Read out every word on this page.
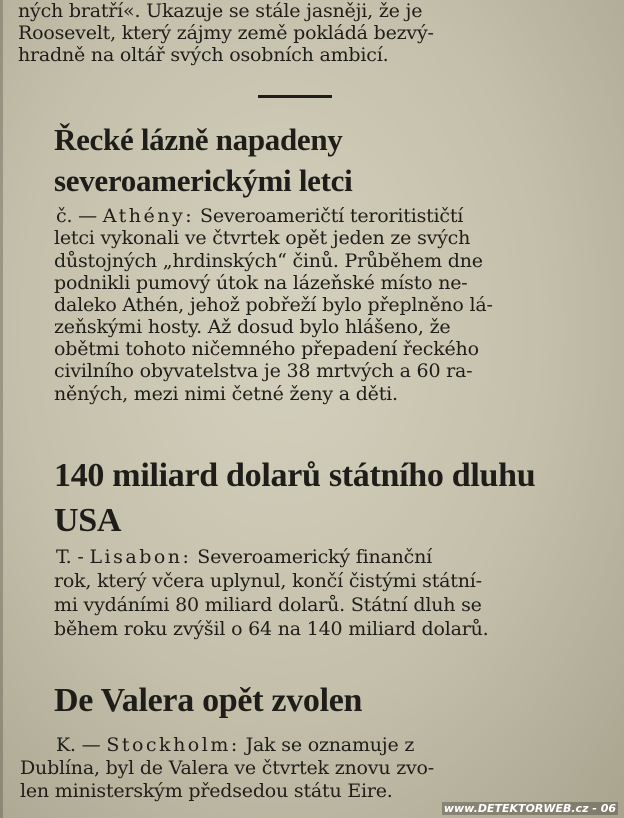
ných bratří«. Ukazuje se stále jasněji, že je
Roosevelt, který zájmy země pokládá bezvý-
hradně na oltář svých osobních ambicí.
Řecké lázně napadeny
severoamerickými letci
č. — Athény: Severoameričtí teroritističtí
letci vykonali ve čtvrtek opět jeden ze svých
důstojných „hrdinských“ činů. Průběhem dne
podnikli pumový útok na lázeňské místo ne-
daleko Athén, jehož pobřeží bylo přeplněno lá-
zeňskými hosty. Až dosud bylo hlášeno, že
obětmi tohoto ničemného přepadení řeckého
civilního obyvatelstva je 38 mrtvých a 60 ra-
něných, mezi nimi četné ženy a děti.
140 miliard dolarů státního dluhu
USA
T. - Lisabon: Severoamerický finanční
rok, který včera uplynul, končí čistými státní-
mi vydáními 80 miliard dolarů. Státní dluh se
během roku zvýšil o 64 na 140 miliard dolarů.
De Valera opět zvolen
K. — Stockholm: Jak se oznamuje z
Dublína, byl de Valera ve čtvrtek znovu zvo-
len ministerským předsedou státu Eire.
www.DETEKTORWEB.cz - 06
